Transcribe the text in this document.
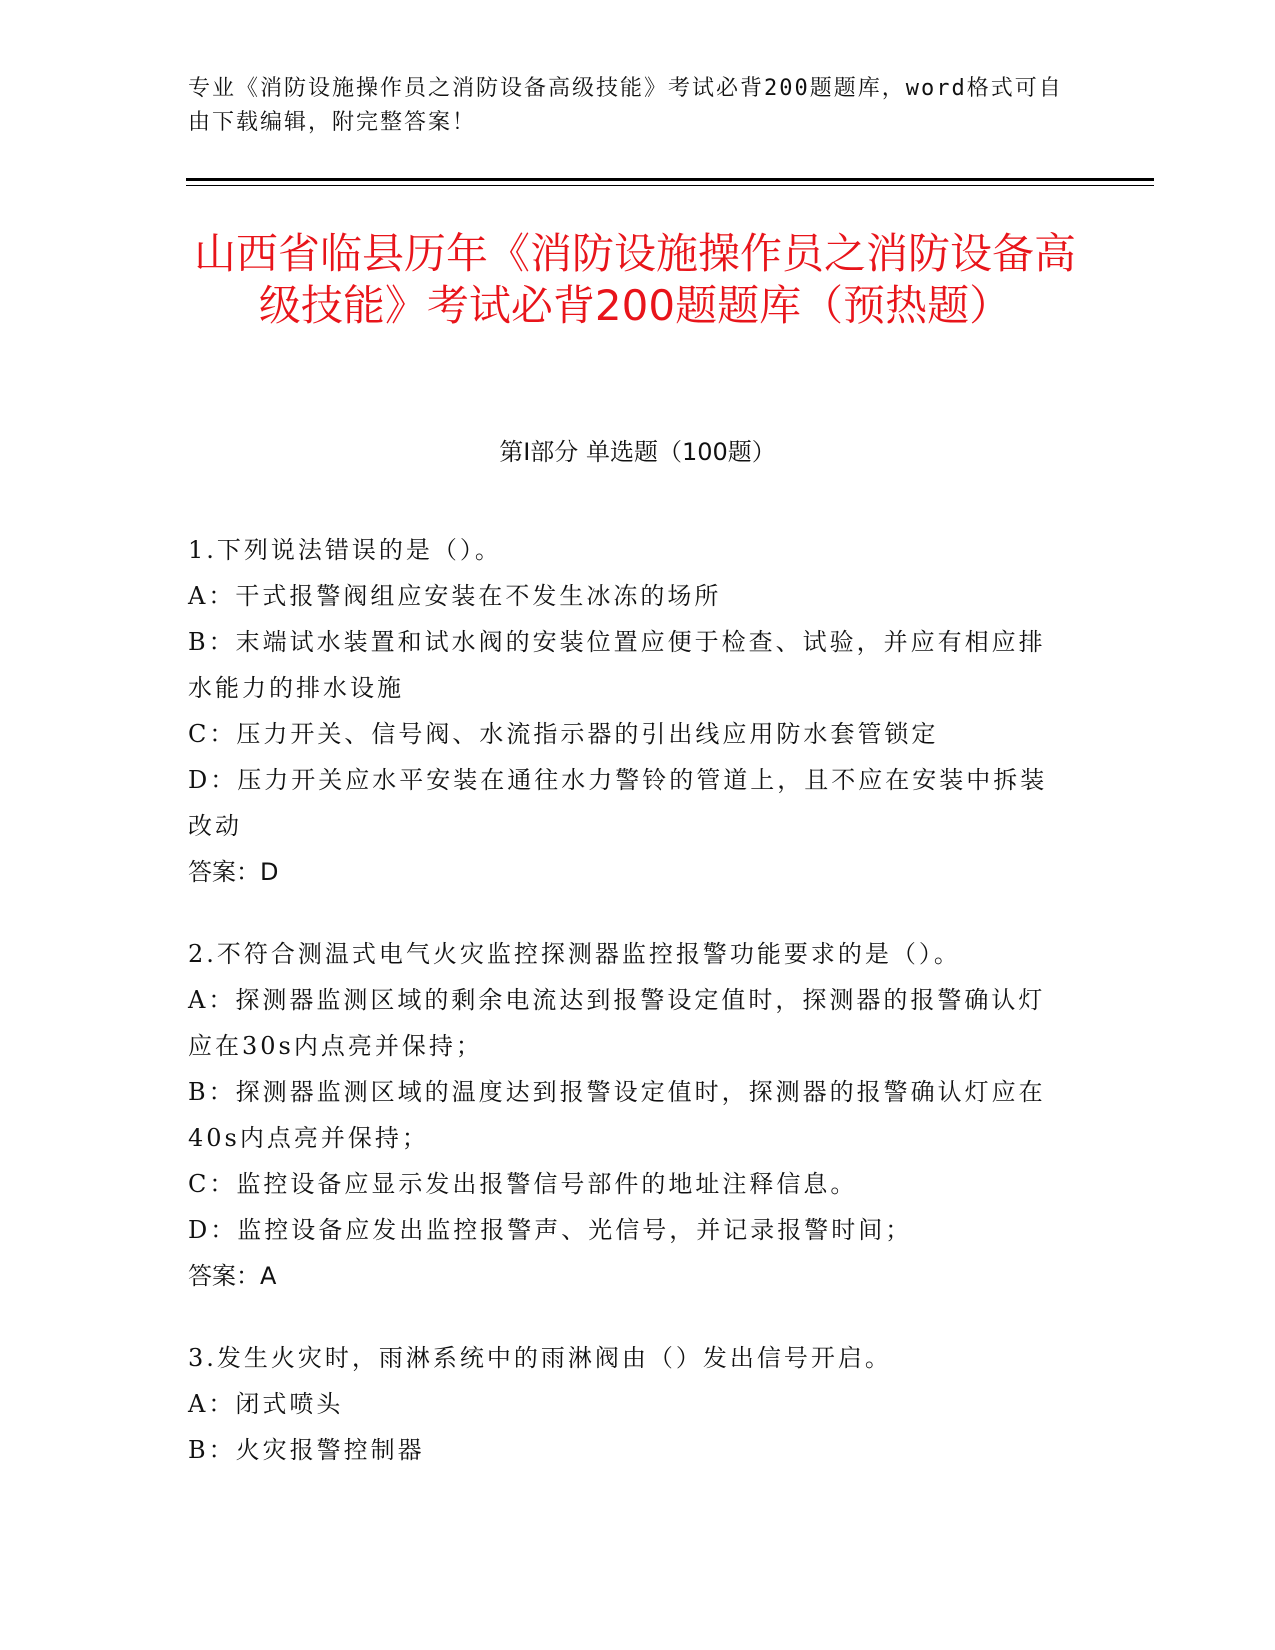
专业《消防设施操作员之消防设备高级技能》考试必背200题题库，word格式可自由下载编辑，附完整答案！
山西省临县历年《消防设施操作员之消防设备高级技能》考试必背200题题库（预热题）
第I部分 单选题（100题）
1.下列说法错误的是（）。
A：干式报警阀组应安装在不发生冰冻的场所
B：末端试水装置和试水阀的安装位置应便于检查、试验，并应有相应排水能力的排水设施
C：压力开关、信号阀、水流指示器的引出线应用防水套管锁定
D：压力开关应水平安装在通往水力警铃的管道上，且不应在安装中拆装改动
答案：D
2.不符合测温式电气火灾监控探测器监控报警功能要求的是（）。
A：探测器监测区域的剩余电流达到报警设定值时，探测器的报警确认灯应在30s内点亮并保持；
B：探测器监测区域的温度达到报警设定值时，探测器的报警确认灯应在40s内点亮并保持；
C：监控设备应显示发出报警信号部件的地址注释信息。
D：监控设备应发出监控报警声、光信号，并记录报警时间；
答案：A
3.发生火灾时，雨淋系统中的雨淋阀由（）发出信号开启。
A：闭式喷头
B：火灾报警控制器
